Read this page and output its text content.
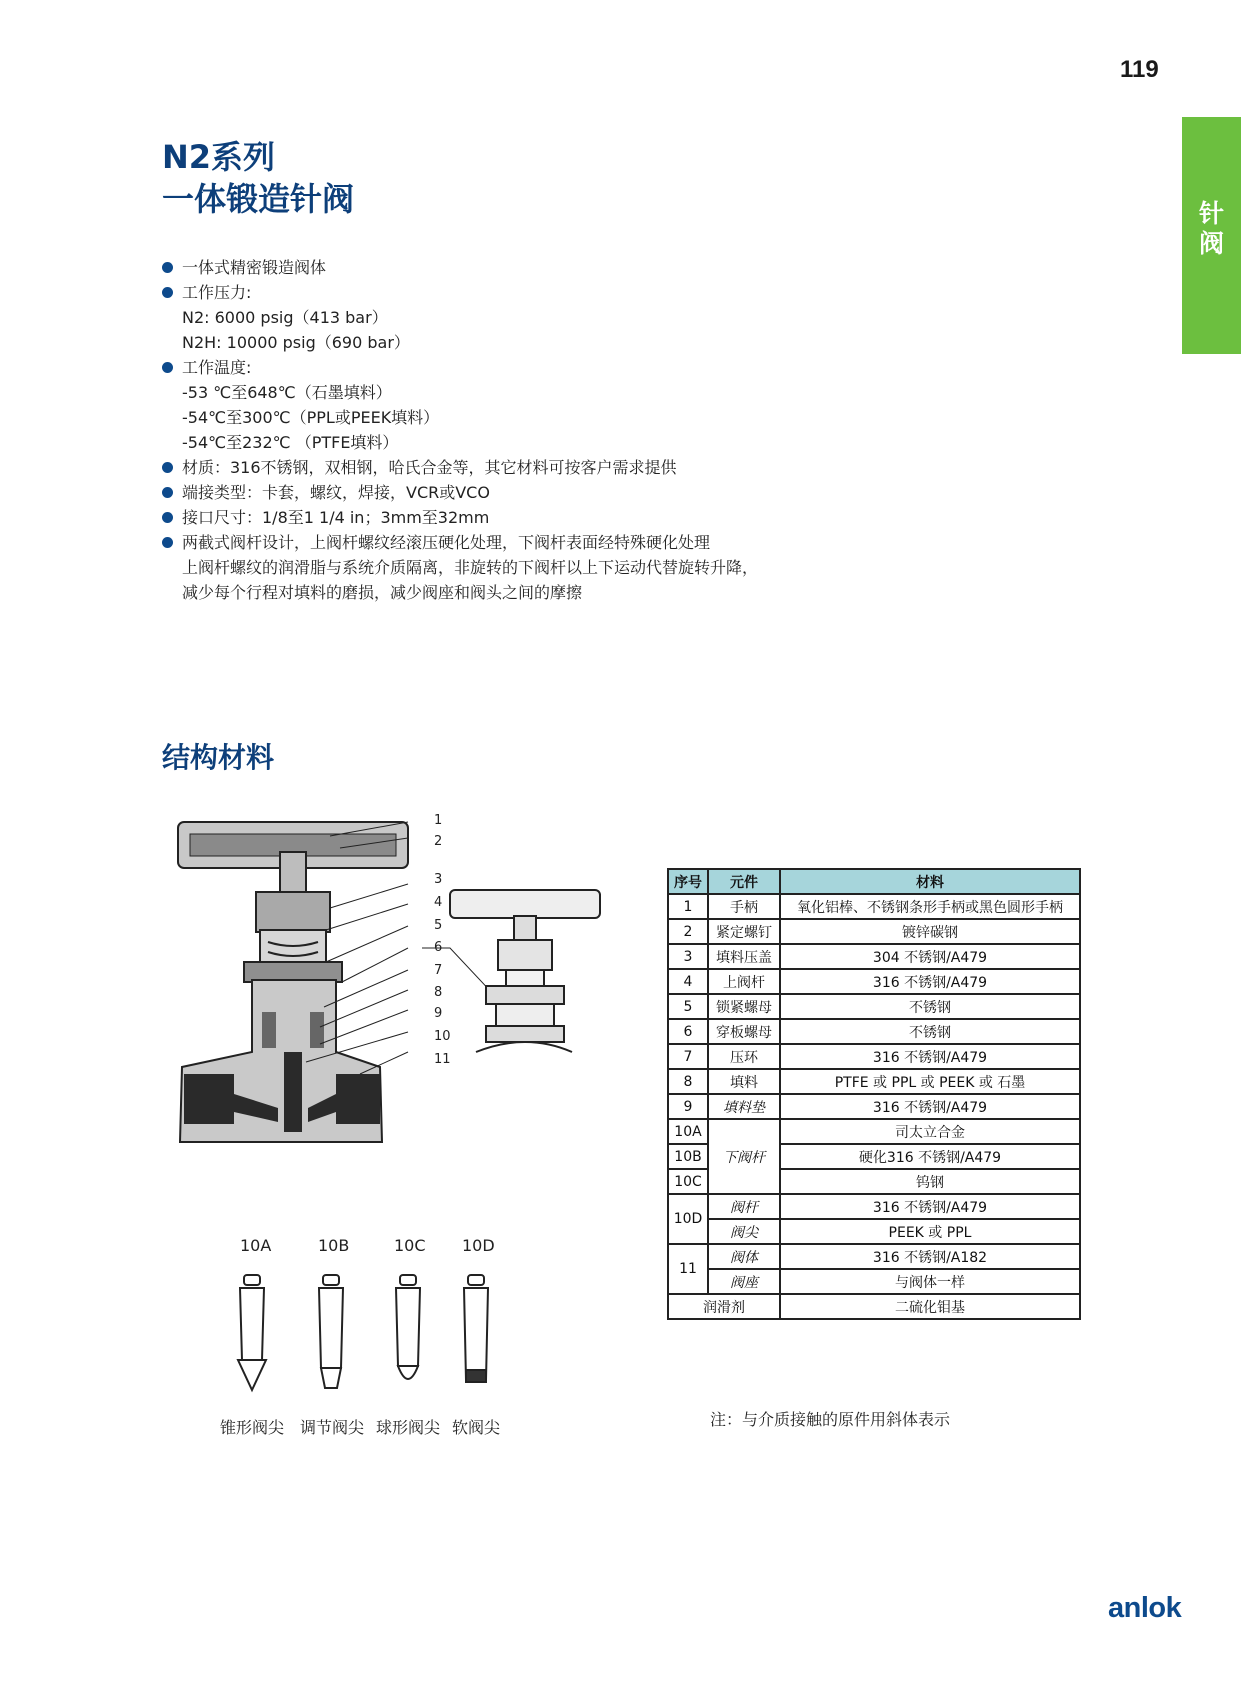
119
针
阀
N2系列
一体锻造针阀
一体式精密锻造阀体
工作压力:
N2: 6000 psig（413 bar）
N2H: 10000 psig（690 bar）
工作温度:
-53 ℃至648℃（石墨填料）
-54℃至300℃（PPL或PEEK填料）
-54℃至232℃ （PTFE填料）
材质：316不锈钢，双相钢，哈氏合金等，其它材料可按客户需求提供
端接类型：卡套，螺纹，焊接，VCR或VCO
接口尺寸：1/8至1 1/4 in；3mm至32mm
两截式阀杆设计，上阀杆螺纹经滚压硬化处理，下阀杆表面经特殊硬化处理
上阀杆螺纹的润滑脂与系统介质隔离，非旋转的下阀杆以上下运动代替旋转升降，
减少每个行程对填料的磨损，减少阀座和阀头之间的摩擦
结构材料
1
2
3
4
5
6
7
8
9
10
11
10A	10B	10C 10D
锥形阀尖 调节阀尖 球形阀尖 软阀尖
序号	元件	材料
1	手柄	氧化铝棒、不锈钢条形手柄或黑色圆形手柄
2	紧定螺钉	镀锌碳钢
3	填料压盖	304 不锈钢/A479
4	上阀杆	316 不锈钢/A479
5	锁紧螺母	不锈钢
6	穿板螺母	不锈钢
7	压环	316 不锈钢/A479
8	填料	PTFE 或 PPL 或 PEEK 或 石墨
9	填料垫	316 不锈钢/A479
10A	下阀杆	司太立合金
10B		硬化316 不锈钢/A479
10C		钨钢
10D	阀杆	316 不锈钢/A479
	阀尖	PEEK 或 PPL
11	阀体	316 不锈钢/A182
	阀座	与阀体一样
润滑剂		二硫化钼基
注：与介质接触的原件用斜体表示
anlok
